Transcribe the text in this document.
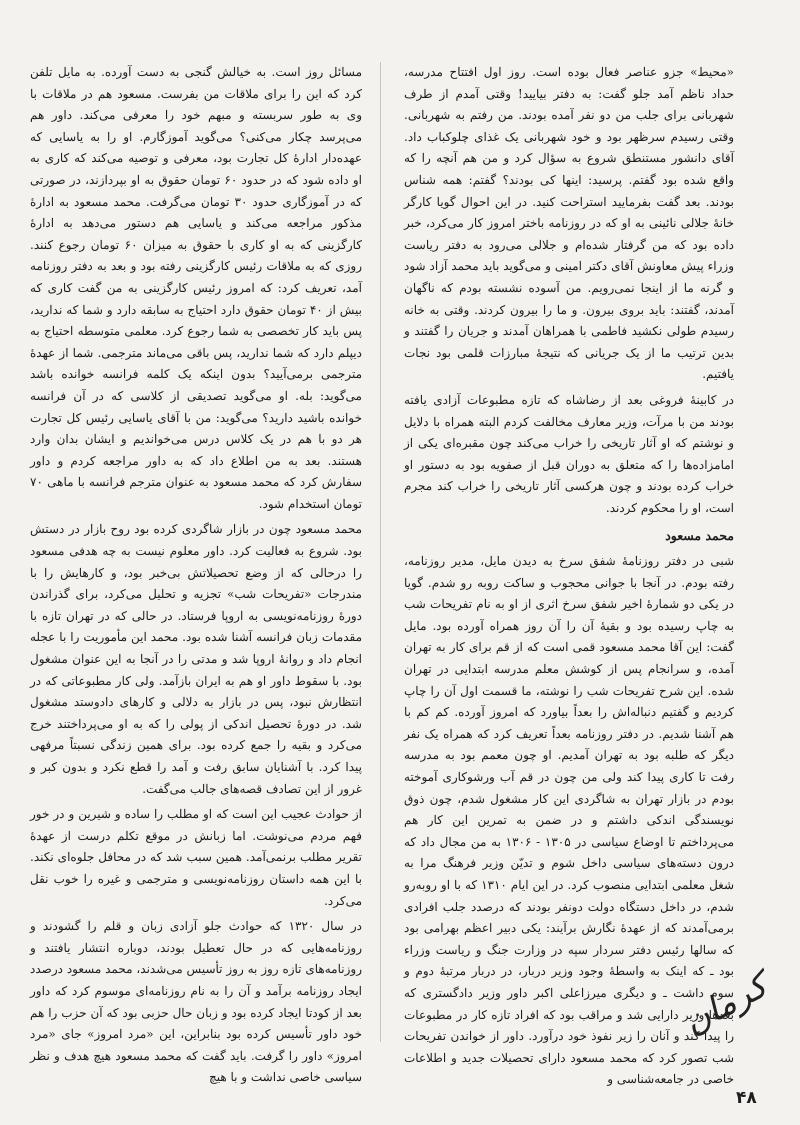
«محیط» جزو عناصر فعال بوده است. روز اول افتتاح مدرسه، حداد ناظم آمد جلو گفت: به دفتر بیایید! وقتی آمدم از طرف شهربانی برای جلب من دو نفر آمده بودند. من رفتم به شهربانی. وقتی رسیدم سرظهر بود و خود شهربانی یک غذای چلوکباب داد. آقای دانشور مستنطق شروع به سؤال کرد و من هم آنچه را که واقع شده بود گفتم. پرسید: اینها کی بودند؟ گفتم: همه شناس بودند. بعد گفت بفرمایید استراحت کنید. در این احوال گویا کارگر خانهٔ جلالی نائینی به او که در روزنامه باختر امروز کار می‌کرد، خبر داده بود که من گرفتار شده‌ام و جلالی می‌رود به دفتر ریاست وزراء پیش معاونش آقای دکتر امینی و می‌گوید باید محمد آزاد شود و گرنه ما از اینجا نمی‌رویم. من آسوده نشسته بودم که ناگهان آمدند، گفتند: باید بروی بیرون. و ما را بیرون کردند. وقتی به خانه رسیدم طولی نکشید فاطمی با همراهان آمدند و جریان را گفتند و بدین ترتیب ما از یک جریانی که نتیجهٔ مبارزات قلمی بود نجات یافتیم.

در کابینهٔ فروغی بعد از رضاشاه که تازه مطبوعات آزادی یافته بودند من با مرآت، وزیر معارف مخالفت کردم البته همراه با دلایل و نوشتم که او آثار تاریخی را خراب می‌کند چون مقبره‌ای یکی از امامزاده‌ها را که متعلق به دوران قبل از صفویه بود به دستور او خراب کرده بودند و چون هرکسی آثار تاریخی را خراب کند مجرم است، او را محکوم کردند.

محمد مسعود

شبی در دفتر روزنامهٔ شفق سرخ به دیدن مایل، مدیر روزنامه، رفته بودم. در آنجا با جوانی محجوب و ساکت روبه رو شدم. گویا در یکی دو شمارهٔ اخیر شفق سرخ اثری از او به نام تفریحات شب به چاپ رسیده بود و بقیهٔ آن را آن روز همراه آورده بود. مایل گفت: این آقا محمد مسعود قمی است که از قم برای کار به تهران آمده، و سرانجام پس از کوشش معلم مدرسه ابتدایی در تهران شده. این شرح تفریحات شب را نوشته، ما قسمت اول آن را چاپ کردیم و گفتیم دنباله‌اش را بعداً بیاورد که امروز آورده. کم کم با هم آشنا شدیم. در دفتر روزنامه بعداً تعریف کرد که همراه یک نفر دیگر که طلبه بود به تهران آمدیم. او چون معمم بود به مدرسه رفت تا کاری پیدا کند ولی من چون در قم آب ورشوکاری آموخته بودم در بازار تهران به شاگردی این کار مشغول شدم، چون ذوق نویسندگی اندکی داشتم و در ضمن به تمرین این کار هم می‌پرداختم تا اوضاع سیاسی در ۱۳۰۵ - ۱۳۰۶ به من مجال داد که درون دسته‌های سیاسی داخل شوم و تدیّن وزیر فرهنگ مرا به شغل معلمی ابتدایی منصوب کرد. در این ایام ۱۳۱۰ که با او روبه‌رو شدم، در داخل دستگاه دولت دونفر بودند که درصدد جلب افرادی برمی‌آمدند که از عهدهٔ نگارش برآیند: یکی دبیر اعظم بهرامی بود که سالها رئیس دفتر سردار سپه در وزارت جنگ و ریاست وزراء بود ـ که اینک به واسطهٔ وجود وزیر دربار، در دربار مرتبهٔ دوم و سوم داشت ـ و دیگری میرزاعلی اکبر داور وزیر دادگستری که بعدها وزیر دارایی شد و مراقب بود که افراد تازه کار در مطبوعات را پیدا کند و آنان را زیر نفوذ خود درآورد. داور از خواندن تفریحات شب تصور کرد که محمد مسعود دارای تحصیلات جدید و اطلاعات خاصی در جامعه‌شناسی و

مسائل روز است. به خیالش گنجی به دست آورده. به مایل تلفن کرد که این را برای ملاقات من بفرست. مسعود هم در ملاقات با وی به طور سربسته و مبهم خود را معرفی می‌کند. داور هم می‌پرسد چکار می‌کنی؟ می‌گوید آموزگارم. او را به یاسایی که عهده‌دار ادارهٔ کل تجارت بود، معرفی و توصیه می‌کند که کاری به او داده شود که در حدود ۶۰ تومان حقوق به او بپردازند، در صورتی که در آموزگاری حدود ۳۰ تومان می‌گرفت. محمد مسعود به ادارهٔ مذکور مراجعه می‌کند و یاسایی هم دستور می‌دهد به ادارهٔ کارگزینی که به او کاری با حقوق به میزان ۶۰ تومان رجوع کنند. روزی که به ملاقات رئیس کارگزینی رفته بود و بعد به دفتر روزنامه آمد، تعریف کرد: که امروز رئیس کارگزینی به من گفت کاری که بیش از ۴۰ تومان حقوق دارد احتیاج به سابقه دارد و شما که ندارید، پس باید کار تخصصی به شما رجوع کرد. معلمی متوسطه احتیاج به دیپلم دارد که شما ندارید، پس باقی می‌ماند مترجمی. شما از عهدهٔ مترجمی برمی‌آیید؟ بدون اینکه یک کلمه فرانسه خوانده باشد می‌گوید: بله. او می‌گوید تصدیقی از کلاسی که در آن فرانسه خوانده باشید دارید؟ می‌گوید: من با آقای یاسایی رئیس کل تجارت هر دو با هم در یک کلاس درس می‌خواندیم و ایشان بدان وارد هستند. بعد به من اطلاع داد که به داور مراجعه کردم و داور سفارش کرد که محمد مسعود به عنوان مترجم فرانسه با ماهی ۷۰ تومان استخدام شود.

محمد مسعود چون در بازار شاگردی کرده بود روح بازار در دستش بود. شروع به فعالیت کرد. داور معلوم نیست به چه هدفی مسعود را درحالی که از وضع تحصیلاتش بی‌خبر بود، و کارهایش را با مندرجات «تفریحات شب» تجزیه و تحلیل می‌کرد، برای گذراندن دورهٔ روزنامه‌نویسی به اروپا فرستاد. در حالی که در تهران تازه با مقدمات زبان فرانسه آشنا شده بود. محمد این مأموریت را با عجله انجام داد و روانهٔ اروپا شد و مدتی را در آنجا به این عنوان مشغول بود. با سقوط داور او هم به ایران بازآمد. ولی کار مطبوعاتی که در انتظارش نبود، پس در بازار به دلالی و کارهای دادوستد مشغول شد. در دورهٔ تحصیل اندکی از پولی را که به او می‌پرداختند خرج می‌کرد و بقیه را جمع کرده بود. برای همین زندگی نسبتاً مرفهی پیدا کرد. با آشنایان سابق رفت و آمد را قطع نکرد و بدون کبر و غرور از این تصادف قصه‌های جالب می‌گفت.

از حوادث عجیب این است که او مطلب را ساده و شیرین و در خور فهم مردم می‌نوشت. اما زبانش در موقع تکلم درست از عهدهٔ تقریر مطلب برنمی‌آمد. همین سبب شد که در محافل جلوه‌ای نکند. با این همه داستان روزنامه‌نویسی و مترجمی و غیره را خوب نقل می‌کرد.

در سال ۱۳۲۰ که حوادث جلو آزادی زبان و قلم را گشودند و روزنامه‌هایی که در حال تعطیل بودند، دوباره انتشار یافتند و روزنامه‌های تازه روز به روز تأسیس می‌شدند، محمد مسعود درصدد ایجاد روزنامه برآمد و آن را به نام روزنامه‌ای موسوم کرد که داور بعد از کودتا ایجاد کرده بود و زبان حال حزبی بود که آن حزب را هم خود داور تأسیس کرده بود بنابراین، این «مرد امروز» جای «مرد امروز» داور را گرفت. باید گفت که محمد مسعود هیچ هدف و نظر سیاسی خاصی نداشت و با هیچ

کرمان
۴۸
